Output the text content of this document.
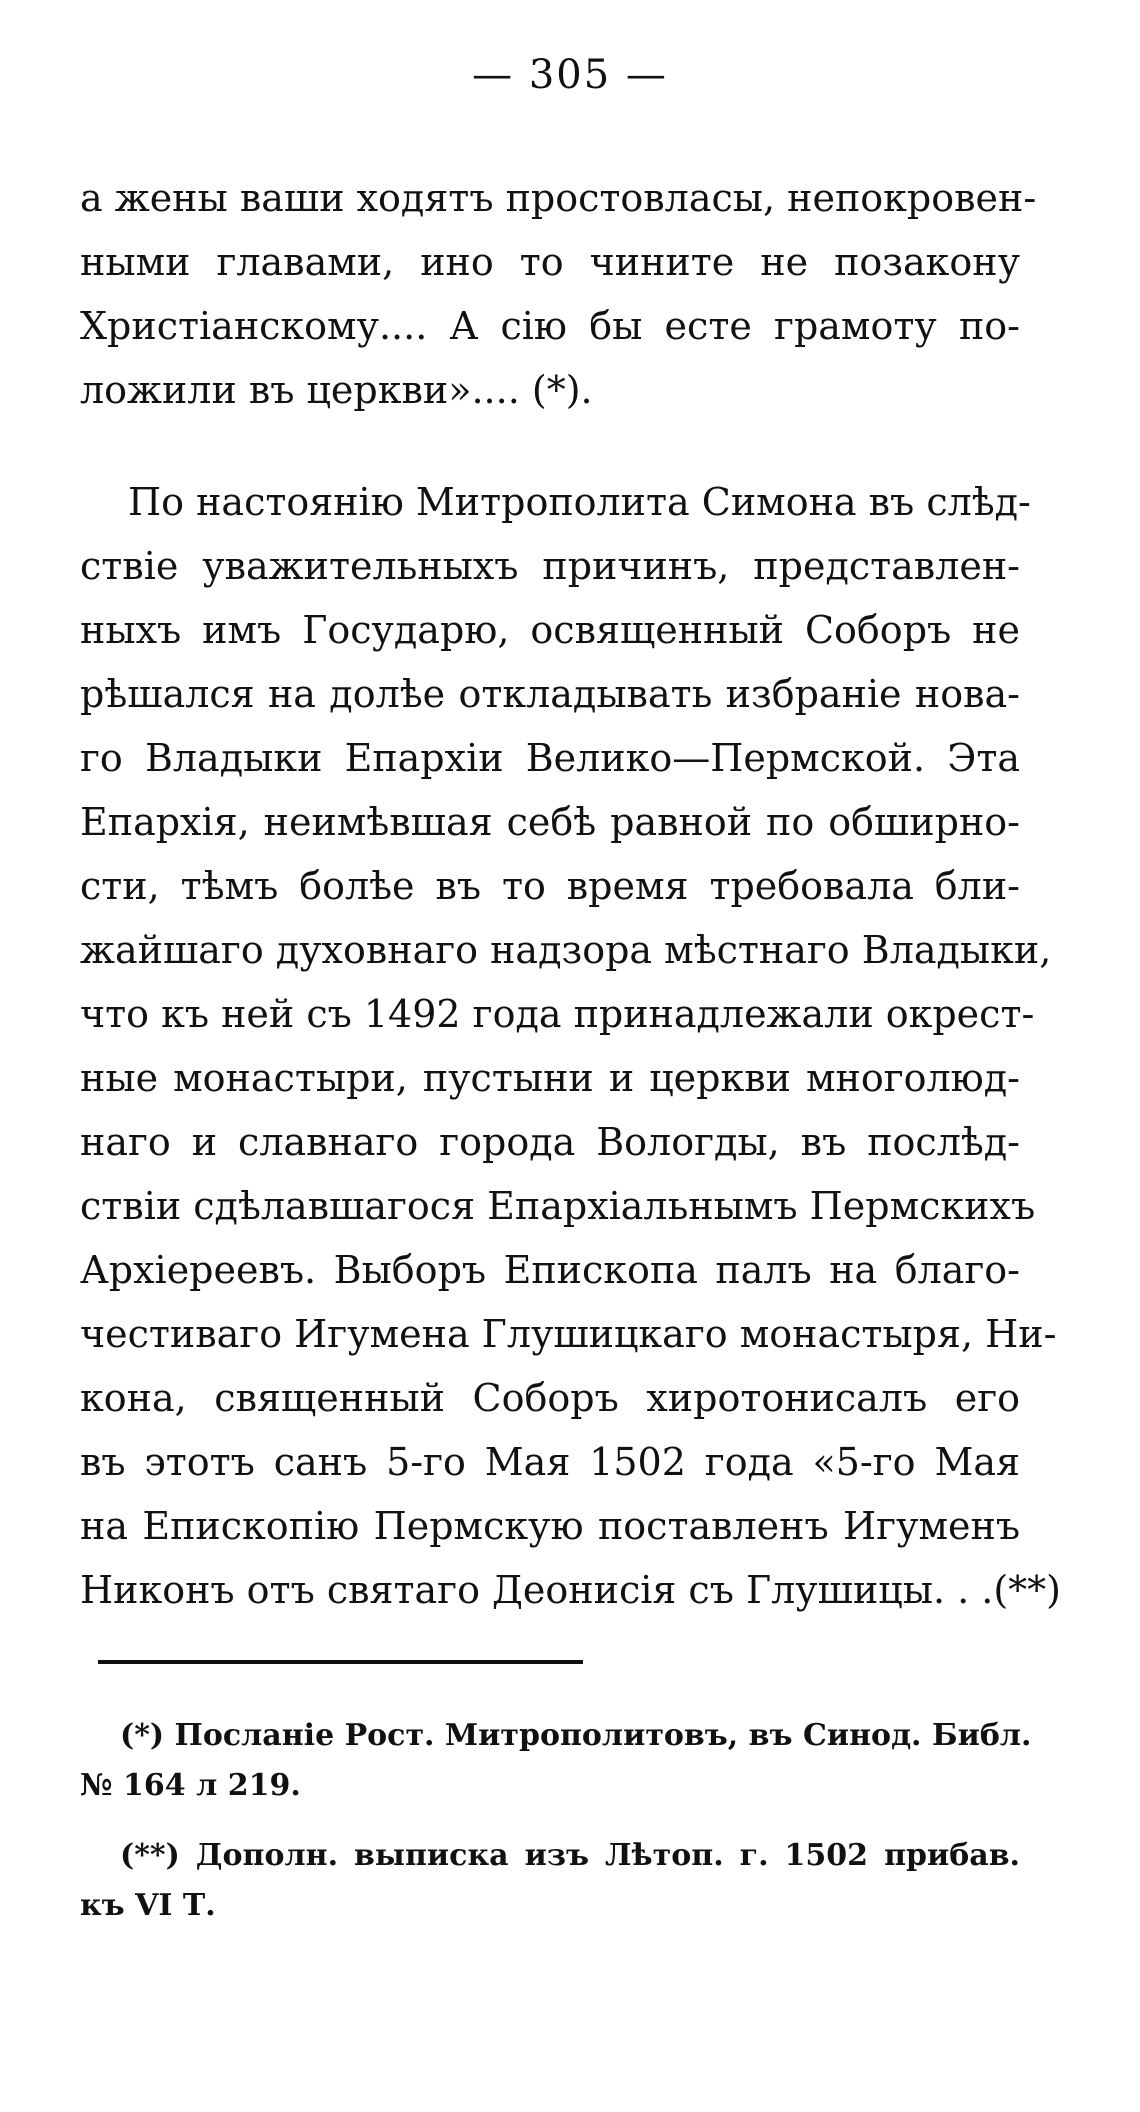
— 305 —
а жены ваши ходятъ простовласы, непокровен-
ными главами, ино то чините не позакону
Христіанскому.... А сію бы есте грамоту по-
ложили въ церкви».... (*).
По настоянію Митрополита Симона въ слѣд-
ствіе уважительныхъ причинъ, представлен-
ныхъ имъ Государю, освященный Соборъ не
рѣшался на долѣе откладывать избраніе нова-
го Владыки Епархіи Велико—Пермской. Эта
Епархія, неимѣвшая себѣ равной по обширно-
сти, тѣмъ болѣе въ то время требовала бли-
жайшаго духовнаго надзора мѣстнаго Владыки,
что къ ней съ 1492 года принадлежали окрест-
ные монастыри, пустыни и церкви многолюд-
наго и славнаго города Вологды, въ послѣд-
ствіи сдѣлавшагося Епархіальнымъ Пермскихъ
Архіереевъ. Выборъ Епископа палъ на благо-
честиваго Игумена Глушицкаго монастыря, Ни-
кона, священный Соборъ хиротонисалъ его
въ этотъ санъ 5-го Мая 1502 года «5-го Мая
на Епископію Пермскую поставленъ Игуменъ
Никонъ отъ святаго Деонисія съ Глушицы. . .(**)
(*) Посланіе Рост. Митрополитовъ, въ Синод. Библ.
№ 164 л 219.
(**) Дополн. выписка изъ Лѣтоп. г. 1502 прибав.
къ VI Т.
